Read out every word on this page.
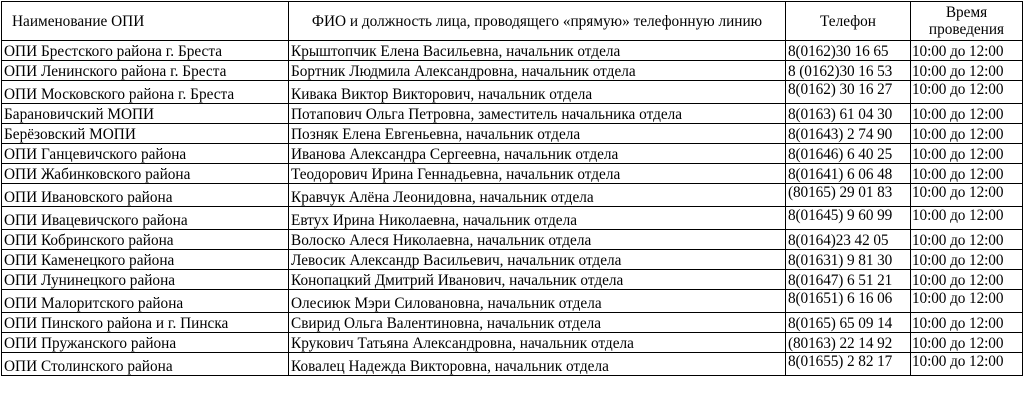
Наименование ОПИ	ФИО и должность лица, проводящего «прямую» телефонную линию	Телефон	Время проведения
ОПИ Брестского района г. Бреста	Крыштопчик Елена Васильевна, начальник отдела	8(0162)30 16 65	10:00 до 12:00
ОПИ Ленинского района г. Бреста	Бортник Людмила Александровна, начальник отдела	8 (0162)30 16 53	10:00 до 12:00
ОПИ Московского района г. Бреста	Кивака Виктор Викторович, начальник отдела	8(0162) 30 16 27	10:00 до 12:00
Барановичский МОПИ	Потапович Ольга Петровна, заместитель начальника отдела	8(0163) 61 04 30	10:00 до 12:00
Берёзовский МОПИ	Позняк Елена Евгеньевна, начальник отдела	8(01643) 2 74 90	10:00 до 12:00
ОПИ Ганцевичского района	Иванова Александра Сергеевна, начальник отдела	8(01646) 6 40 25	10:00 до 12:00
ОПИ Жабинковского района	Теодорович Ирина Геннадьевна, начальник отдела	8(01641) 6 06 48	10:00 до 12:00
ОПИ Ивановского района	Кравчук Алёна Леонидовна, начальник отдела	(80165) 29 01 83	10:00 до 12:00
ОПИ Ивацевичского района	Евтух Ирина Николаевна, начальник отдела	8(01645) 9 60 99	10:00 до 12:00
ОПИ Кобринского района	Волоско Алеся Николаевна, начальник отдела	8(0164)23 42 05	10:00 до 12:00
ОПИ Каменецкого района	Левосик Александр Васильевич, начальник отдела	8(01631) 9 81 30	10:00 до 12:00
ОПИ Лунинецкого района	Конопацкий Дмитрий Иванович, начальник отдела	8(01647) 6 51 21	10:00 до 12:00
ОПИ Малоритского района	Олесиюк Мэри Силовановна, начальник отдела	8(01651) 6 16 06	10:00 до 12:00
ОПИ Пинского района и г. Пинска	Свирид Ольга Валентиновна, начальник отдела	8(0165) 65 09 14	10:00 до 12:00
ОПИ Пружанского района	Крукович Татьяна Александровна, начальник отдела	(80163) 22 14 92	10:00 до 12:00
ОПИ Столинского района	Ковалец Надежда Викторовна, начальник отдела	8(01655) 2 82 17	10:00 до 12:00
